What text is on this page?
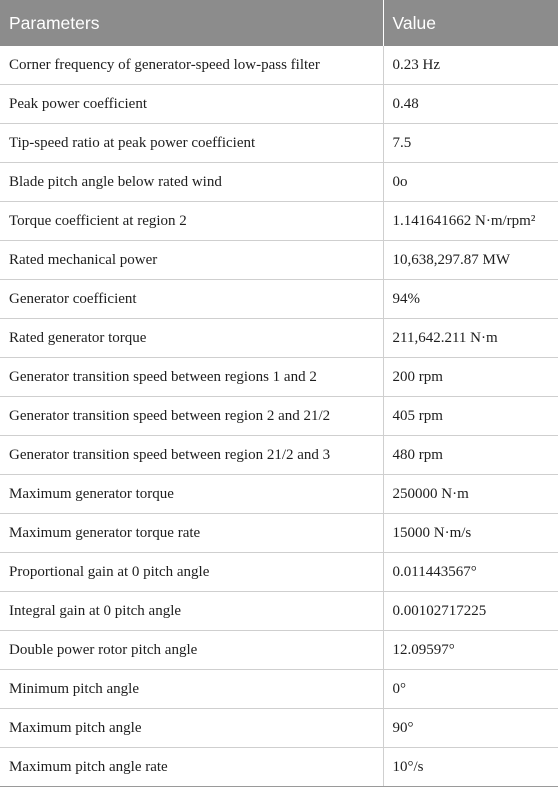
Parameters	Value
Corner frequency of generator-speed low-pass filter	0.23 Hz
Peak power coefficient	0.48
Tip-speed ratio at peak power coefficient	7.5
Blade pitch angle below rated wind	0o
Torque coefficient at region 2	1.141641662 N·m/rpm²
Rated mechanical power	10,638,297.87 MW
Generator coefficient	94%
Rated generator torque	211,642.211 N·m
Generator transition speed between regions 1 and 2	200 rpm
Generator transition speed between region 2 and 21/2	405 rpm
Generator transition speed between region 21/2 and 3	480 rpm
Maximum generator torque	250000 N·m
Maximum generator torque rate	15000 N·m/s
Proportional gain at 0 pitch angle	0.011443567°
Integral gain at 0 pitch angle	0.00102717225
Double power rotor pitch angle	12.09597°
Minimum pitch angle	0°
Maximum pitch angle	90°
Maximum pitch angle rate	10°/s
